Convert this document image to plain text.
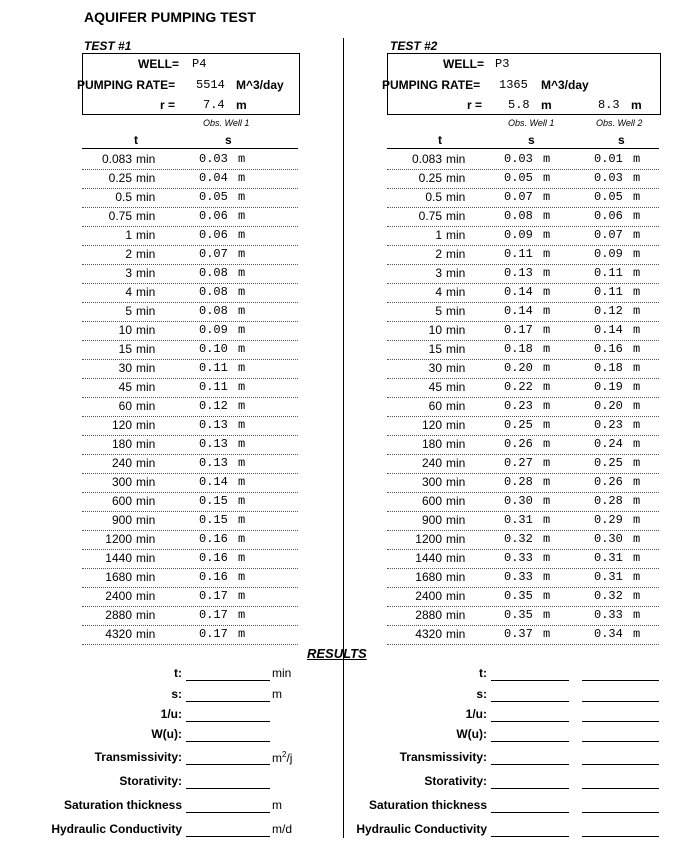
AQUIFER PUMPING TEST
TEST #1
WELL= P4
PUMPING RATE= 5514 M^3/day
r = 7.4 m
Obs. Well 1
t	s
0.083 min	0.03 m
0.25 min	0.04 m
0.5 min	0.05 m
0.75 min	0.06 m
1 min	0.06 m
2 min	0.07 m
3 min	0.08 m
4 min	0.08 m
5 min	0.08 m
10 min	0.09 m
15 min	0.10 m
30 min	0.11 m
45 min	0.11 m
60 min	0.12 m
120 min	0.13 m
180 min	0.13 m
240 min	0.13 m
300 min	0.14 m
600 min	0.15 m
900 min	0.15 m
1200 min	0.16 m
1440 min	0.16 m
1680 min	0.16 m
2400 min	0.17 m
2880 min	0.17 m
4320 min	0.17 m
TEST #2
WELL= P3
PUMPING RATE= 1365 M^3/day
r = 5.8 m	8.3 m
Obs. Well 1	Obs. Well 2
t	s	s
0.083 min	0.03 m	0.01 m
0.25 min	0.05 m	0.03 m
0.5 min	0.07 m	0.05 m
0.75 min	0.08 m	0.06 m
1 min	0.09 m	0.07 m
2 min	0.11 m	0.09 m
3 min	0.13 m	0.11 m
4 min	0.14 m	0.11 m
5 min	0.14 m	0.12 m
10 min	0.17 m	0.14 m
15 min	0.18 m	0.16 m
30 min	0.20 m	0.18 m
45 min	0.22 m	0.19 m
60 min	0.23 m	0.20 m
120 min	0.25 m	0.23 m
180 min	0.26 m	0.24 m
240 min	0.27 m	0.25 m
300 min	0.28 m	0.26 m
600 min	0.30 m	0.28 m
900 min	0.31 m	0.29 m
1200 min	0.32 m	0.30 m
1440 min	0.33 m	0.31 m
1680 min	0.33 m	0.31 m
2400 min	0.35 m	0.32 m
2880 min	0.35 m	0.33 m
4320 min	0.37 m	0.34 m
RESULTS
t:	min
s:	m
1/u:
W(u):
Transmissivity:	$m^2/j$
Storativity:
Saturation thickness	m
Hydraulic Conductivity	m/d
t:
s:
1/u:
W(u):
Transmissivity:
Storativity:
Saturation thickness
Hydraulic Conductivity
